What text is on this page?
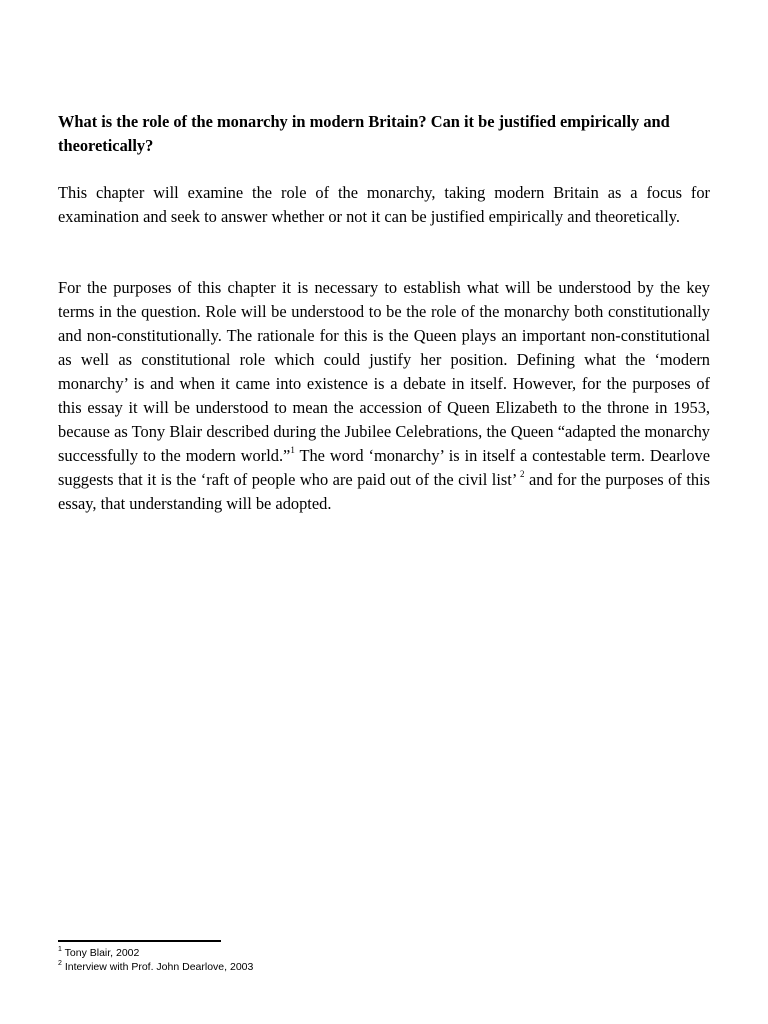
What is the role of the monarchy in modern Britain? Can it be justified empirically and theoretically?

This chapter will examine the role of the monarchy, taking modern Britain as a focus for examination and seek to answer whether or not it can be justified empirically and theoretically.

For the purposes of this chapter it is necessary to establish what will be understood by the key terms in the question. Role will be understood to be the role of the monarchy both constitutionally and non-constitutionally. The rationale for this is the Queen plays an important non-constitutional as well as constitutional role which could justify her position. Defining what the ‘modern monarchy’ is and when it came into existence is a debate in itself. However, for the purposes of this essay it will be understood to mean the accession of Queen Elizabeth to the throne in 1953, because as Tony Blair described during the Jubilee Celebrations, the Queen “adapted the monarchy successfully to the modern world.”$^1$ The word ‘monarchy’ is in itself a contestable term. Dearlove suggests that it is the ‘raft of people who are paid out of the civil list’ $^2$ and for the purposes of this essay, that understanding will be adopted.

$^1$ Tony Blair, 2002
$^2$ Interview with Prof. John Dearlove, 2003
